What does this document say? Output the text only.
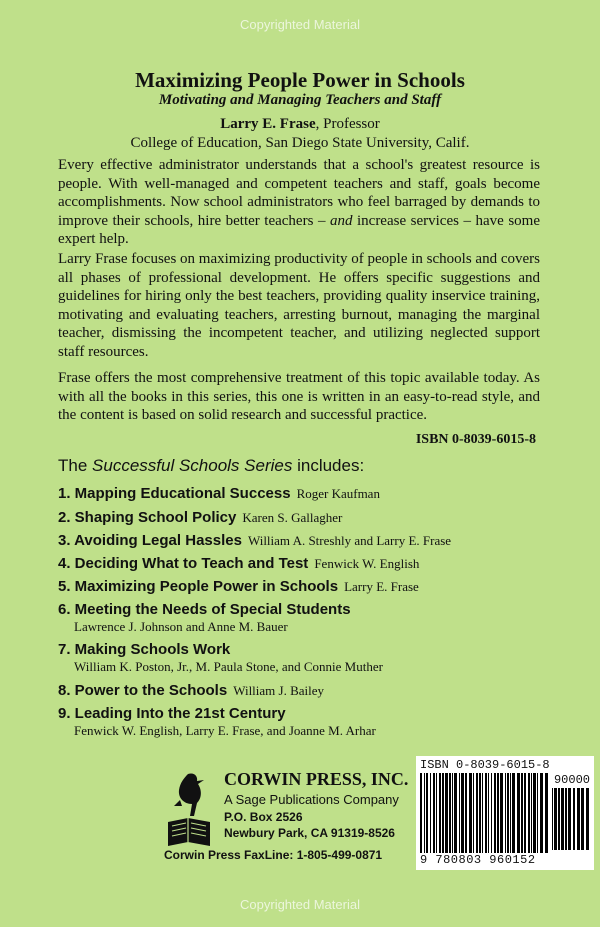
Copyrighted Material
Maximizing People Power in Schools
Motivating and Managing Teachers and Staff
Larry E. Frase, Professor
College of Education, San Diego State University, Calif.
Every effective administrator understands that a school's greatest resource is people. With well-managed and competent teachers and staff, goals become accomplishments. Now school administrators who feel barraged by demands to improve their schools, hire better teachers – and increase services – have some expert help.
Larry Frase focuses on maximizing productivity of people in schools and covers all phases of professional development. He offers specific suggestions and guidelines for hiring only the best teachers, providing quality inservice training, motivating and evaluating teachers, arresting burnout, managing the marginal teacher, dismissing the incompetent teacher, and utilizing neglected support staff resources.
Frase offers the most comprehensive treatment of this topic available today. As with all the books in this series, this one is written in an easy-to-read style, and the content is based on solid research and successful practice.
ISBN 0-8039-6015-8
The Successful Schools Series includes:
1. Mapping Educational Success Roger Kaufman
2. Shaping School Policy Karen S. Gallagher
3. Avoiding Legal Hassles William A. Streshly and Larry E. Frase
4. Deciding What to Teach and Test Fenwick W. English
5. Maximizing People Power in Schools Larry E. Frase
6. Meeting the Needs of Special Students
Lawrence J. Johnson and Anne M. Bauer
7. Making Schools Work
William K. Poston, Jr., M. Paula Stone, and Connie Muther
8. Power to the Schools William J. Bailey
9. Leading Into the 21st Century
Fenwick W. English, Larry E. Frase, and Joanne M. Arhar
CORWIN PRESS, INC.
A Sage Publications Company
P.O. Box 2526
Newbury Park, CA 91319-8526
Corwin Press FaxLine: 1-805-499-0871
ISBN 0-8039-6015-8
90000
9 780803 960152
Copyrighted Material
